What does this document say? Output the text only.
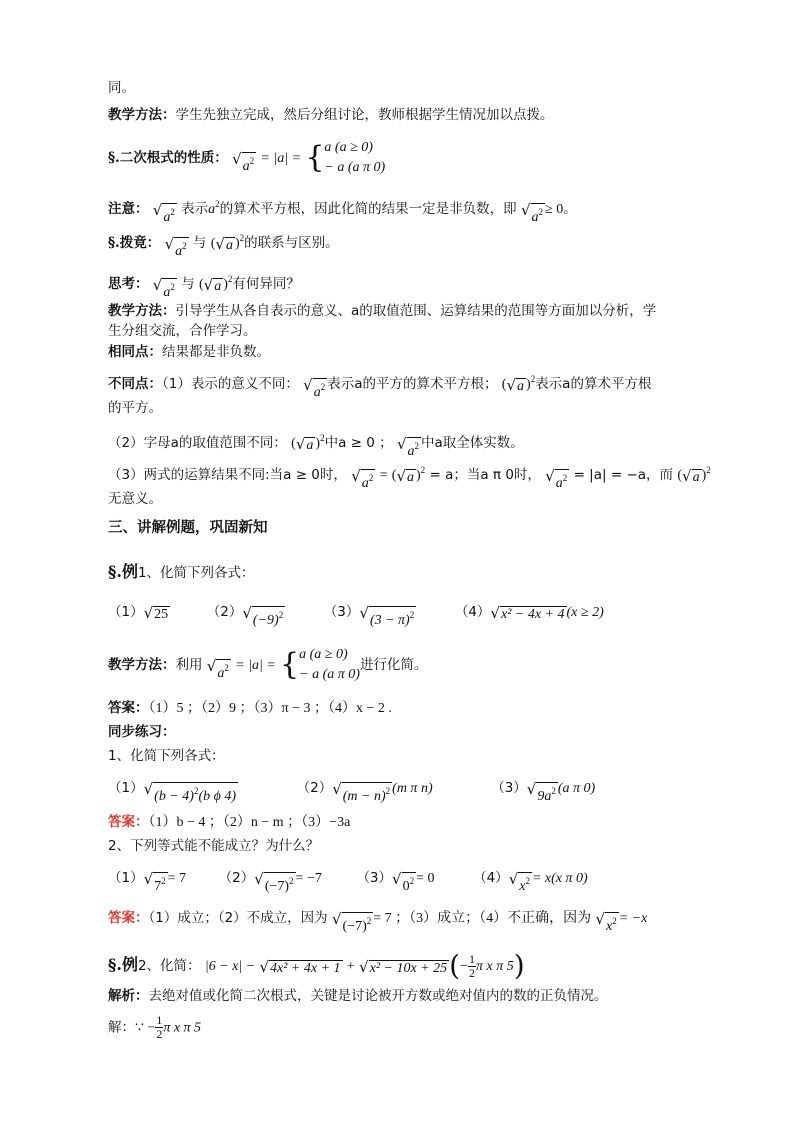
同。
教学方法：学生先独立完成，然后分组讨论，教师根据学生情况加以点拨。
§.二次根式的性质： √ $a^2 = |a|$ = { a (a ≥ 0)
− a (a π 0)
注意： √ $a^2$ 表示$a^2$的算术平方根，因此化简的结果一定是非负数，即 √ $a^2 \ge 0$。
§.拨竟： √ $a^2$ 与 ( √ a )$^2$的联系与区别。
思考： √ $a^2$ 与 ( √ a )$^2$有何异同？
教学方法：引导学生从各自表示的意义、a的取值范围、运算结果的范围等方面加以分析，学
生分组交流，合作学习。
相同点：结果都是非负数。
不同点：（1）表示的意义不同： √ $a^2$ 表示a的平方的算术平方根； ( √ a )$^2$表示a的算术平方根
的平方。
（2）字母a的取值范围不同： ( √ a )$^2$中a ≥ 0 ； √ $a^2$ 中a取全体实数。
（3）两式的运算结果不同:当a ≥ 0时， √ $a^2$ = ( √ a )$^2$ = a；当a π 0时， √ $a^2 = |a| = -a$，而 ( √ a )$^2$
无意义。
三、讲解例题，巩固新知
§.例1、化简下列各式：
（1） √ 25	（2） √ $(-9)^2$	（3） √ $(3 - \pi)^2$	（4） √ x² − 4x + 4 (x ≥ 2)
教学方法：利用 √ $a^2 = |a|$ = { a (a ≥ 0)
− a (a π 0)
进行化简。
答案：（1）5 ；（2）9 ；（3）π − 3 ；（4）x − 2 .
同步练习：
1、化简下列各式：
（1） √ $(b - 4)^2(b$ ϕ 4)
（2） √ $(m - n)^2$ (m π n)	（3） √ $9a^2$ (a π 0)
答案：（1）b − 4 ；（2）n − m ；（3）−3a
2、下列等式能不能成立？为什么？
（1） √ $7^2 = 7$ （2） √ $(-7)^2 = -7$	（3） √ $0^2 = 0$	（4） √ $x^2 = x(x$ π 0)
答案：（1）成立；（2）不成立，因为 √ $(-7)^2 = 7$ ；（3）成立；（4）不正确，因为 √ $x^2 = -x$
§.例2、化简： |6 − x| − √ 4x² + 4x + 1 + √ x² − 10x + 25 (− $\frac{1}{2}$ π x π 5)
解析：去绝对值或化简二次根式，关键是讨论被开方数或绝对值内的数的正负情况。
解：∵ − $\frac{1}{2}$ π x π 5
